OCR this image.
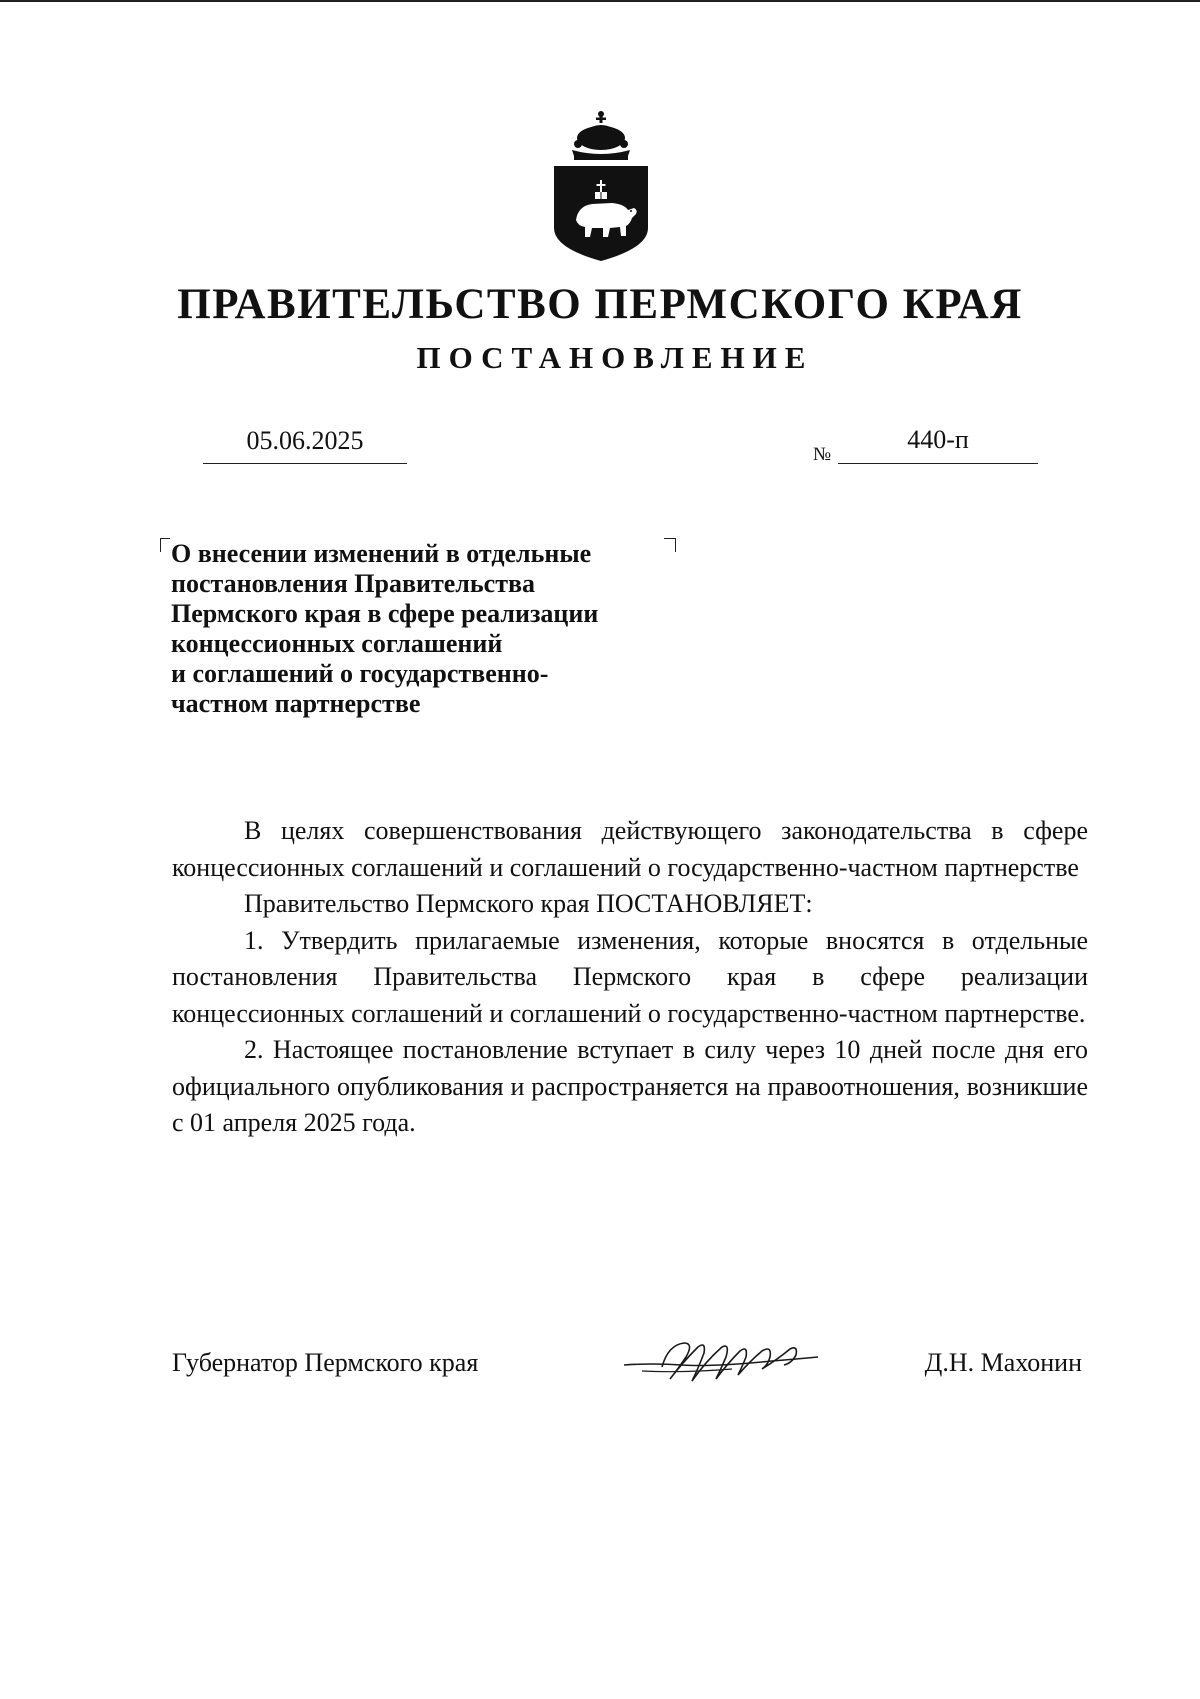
ПРАВИТЕЛЬСТВО ПЕРМСКОГО КРАЯ
ПОСТАНОВЛЕНИЕ
05.06.2025	№
440-п
О внесении изменений в отдельные
постановления Правительства
Пермского края в сфере реализации
концессионных соглашений
и соглашений о государственно-
частном партнерстве

В целях совершенствования действующего законодательства в сфере концессионных соглашений и соглашений о государственно-частном партнерстве

Правительство Пермского края ПОСТАНОВЛЯЕТ:

1. Утвердить прилагаемые изменения, которые вносятся в отдельные постановления Правительства Пермского края в сфере реализации концессионных соглашений и соглашений о государственно-частном партнерстве.

2. Настоящее постановление вступает в силу через 10 дней после дня его официального опубликования и распространяется на правоотношения, возникшие с 01 апреля 2025 года.

Губернатор Пермского края	Д.Н. Махонин
